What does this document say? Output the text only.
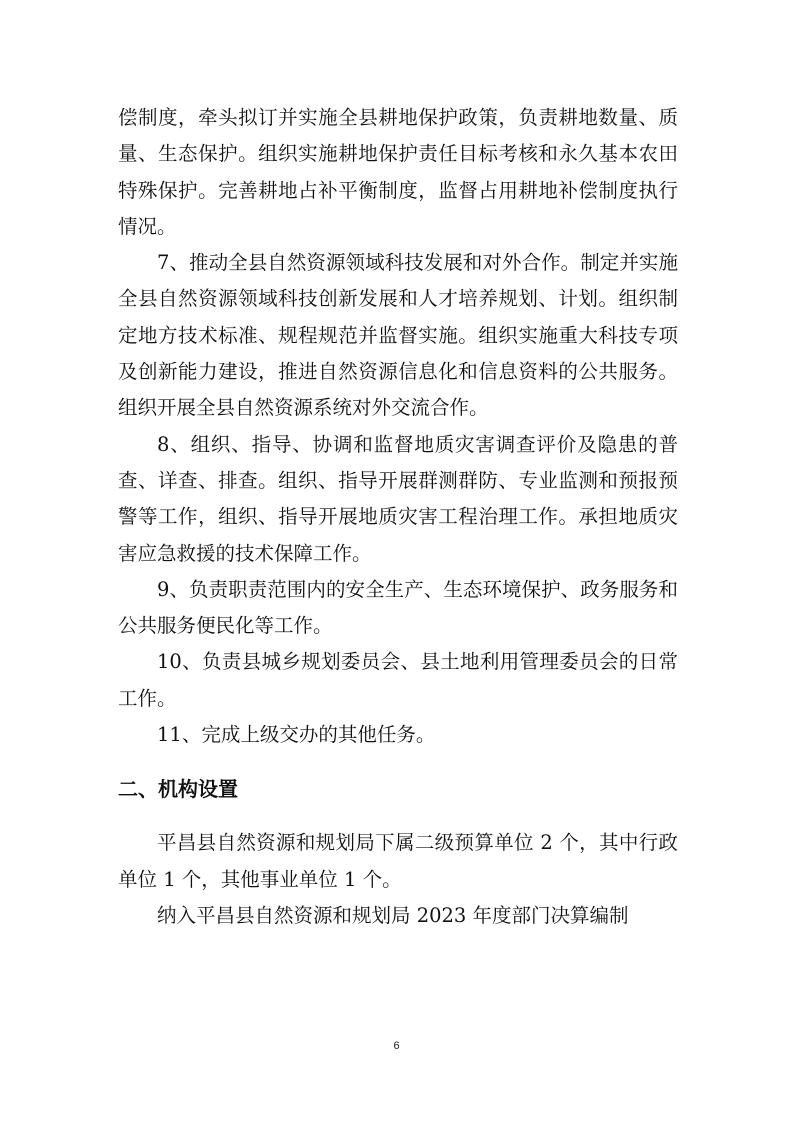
偿制度，牵头拟订并实施全县耕地保护政策，负责耕地数量、质量、生态保护。组织实施耕地保护责任目标考核和永久基本农田特殊保护。完善耕地占补平衡制度，监督占用耕地补偿制度执行情况。

7、推动全县自然资源领域科技发展和对外合作。制定并实施全县自然资源领域科技创新发展和人才培养规划、计划。组织制定地方技术标准、规程规范并监督实施。组织实施重大科技专项及创新能力建设，推进自然资源信息化和信息资料的公共服务。组织开展全县自然资源系统对外交流合作。

8、组织、指导、协调和监督地质灾害调查评价及隐患的普查、详查、排查。组织、指导开展群测群防、专业监测和预报预警等工作，组织、指导开展地质灾害工程治理工作。承担地质灾害应急救援的技术保障工作。

9、负责职责范围内的安全生产、生态环境保护、政务服务和公共服务便民化等工作。

10、负责县城乡规划委员会、县土地利用管理委员会的日常工作。

11、完成上级交办的其他任务。

二、机构设置

平昌县自然资源和规划局下属二级预算单位 2 个，其中行政单位 1 个，其他事业单位 1 个。

纳入平昌县自然资源和规划局 2023 年度部门决算编制

6
